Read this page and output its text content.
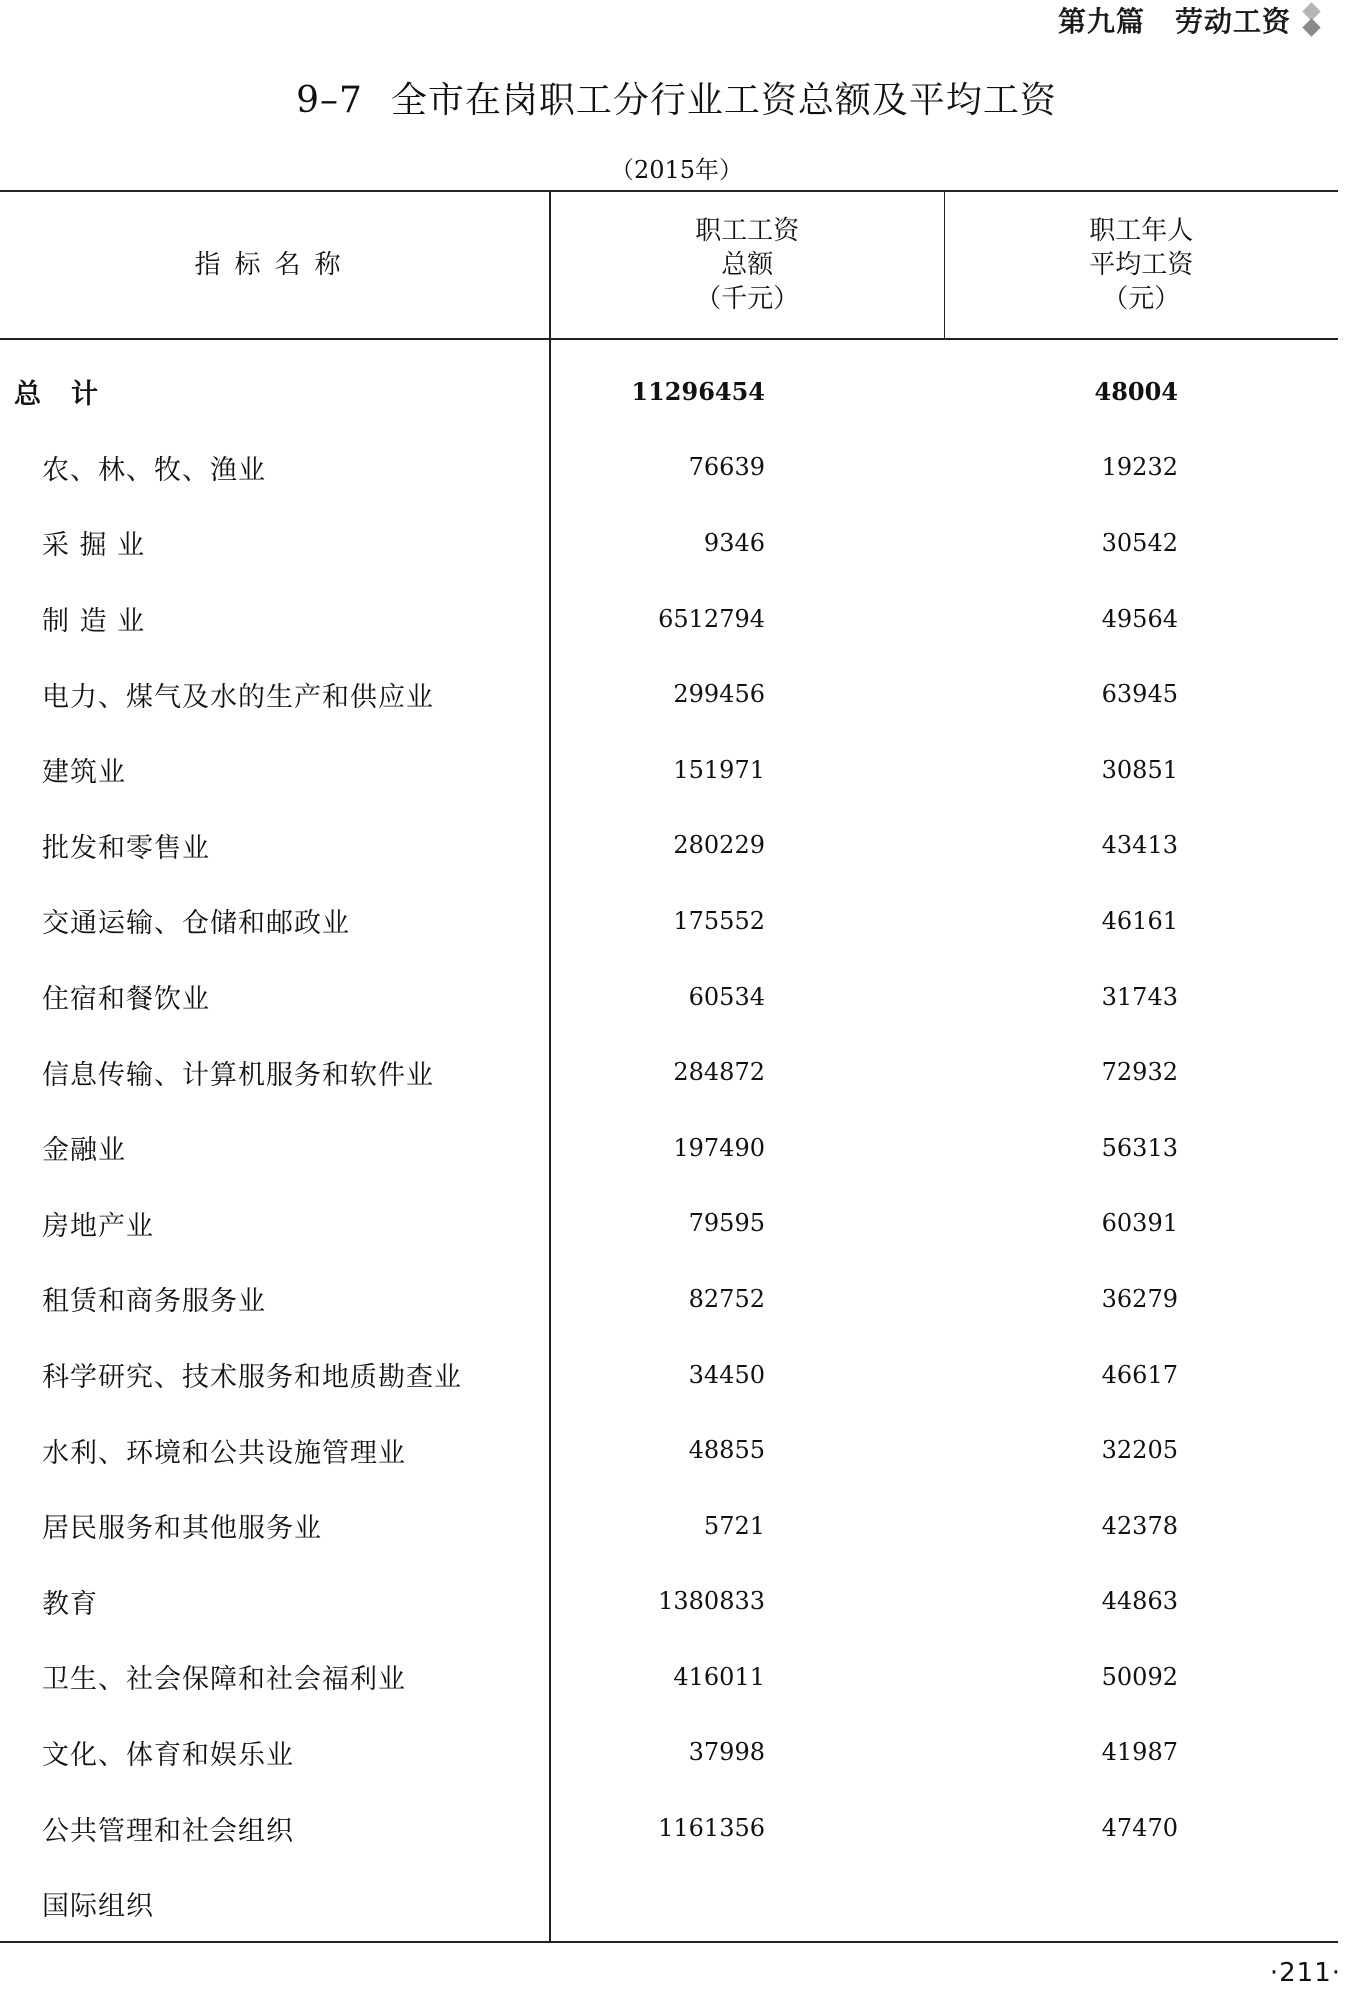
第九篇 劳动工资
9–7 全市在岗职工分行业工资总额及平均工资
（2015年）
指标名称	职工工资
总额
（千元）	职工年人
平均工资
（元）

总计	11296454	48004
农、林、牧、渔业	76639	19232
采 掘 业	9346	30542
制 造 业	6512794	49564
电力、煤气及水的生产和供应业	299456	63945
建筑业	151971	30851
批发和零售业	280229	43413
交通运输、仓储和邮政业	175552	46161
住宿和餐饮业	60534	31743
信息传输、计算机服务和软件业	284872	72932
金融业	197490	56313
房地产业	79595	60391
租赁和商务服务业	82752	36279
科学研究、技术服务和地质勘查业	34450	46617
水利、环境和公共设施管理业	48855	32205
居民服务和其他服务业	5721	42378
教育	1380833	44863
卫生、社会保障和社会福利业	416011	50092
文化、体育和娱乐业	37998	41987
公共管理和社会组织	1161356	47470
国际组织		
·211·
